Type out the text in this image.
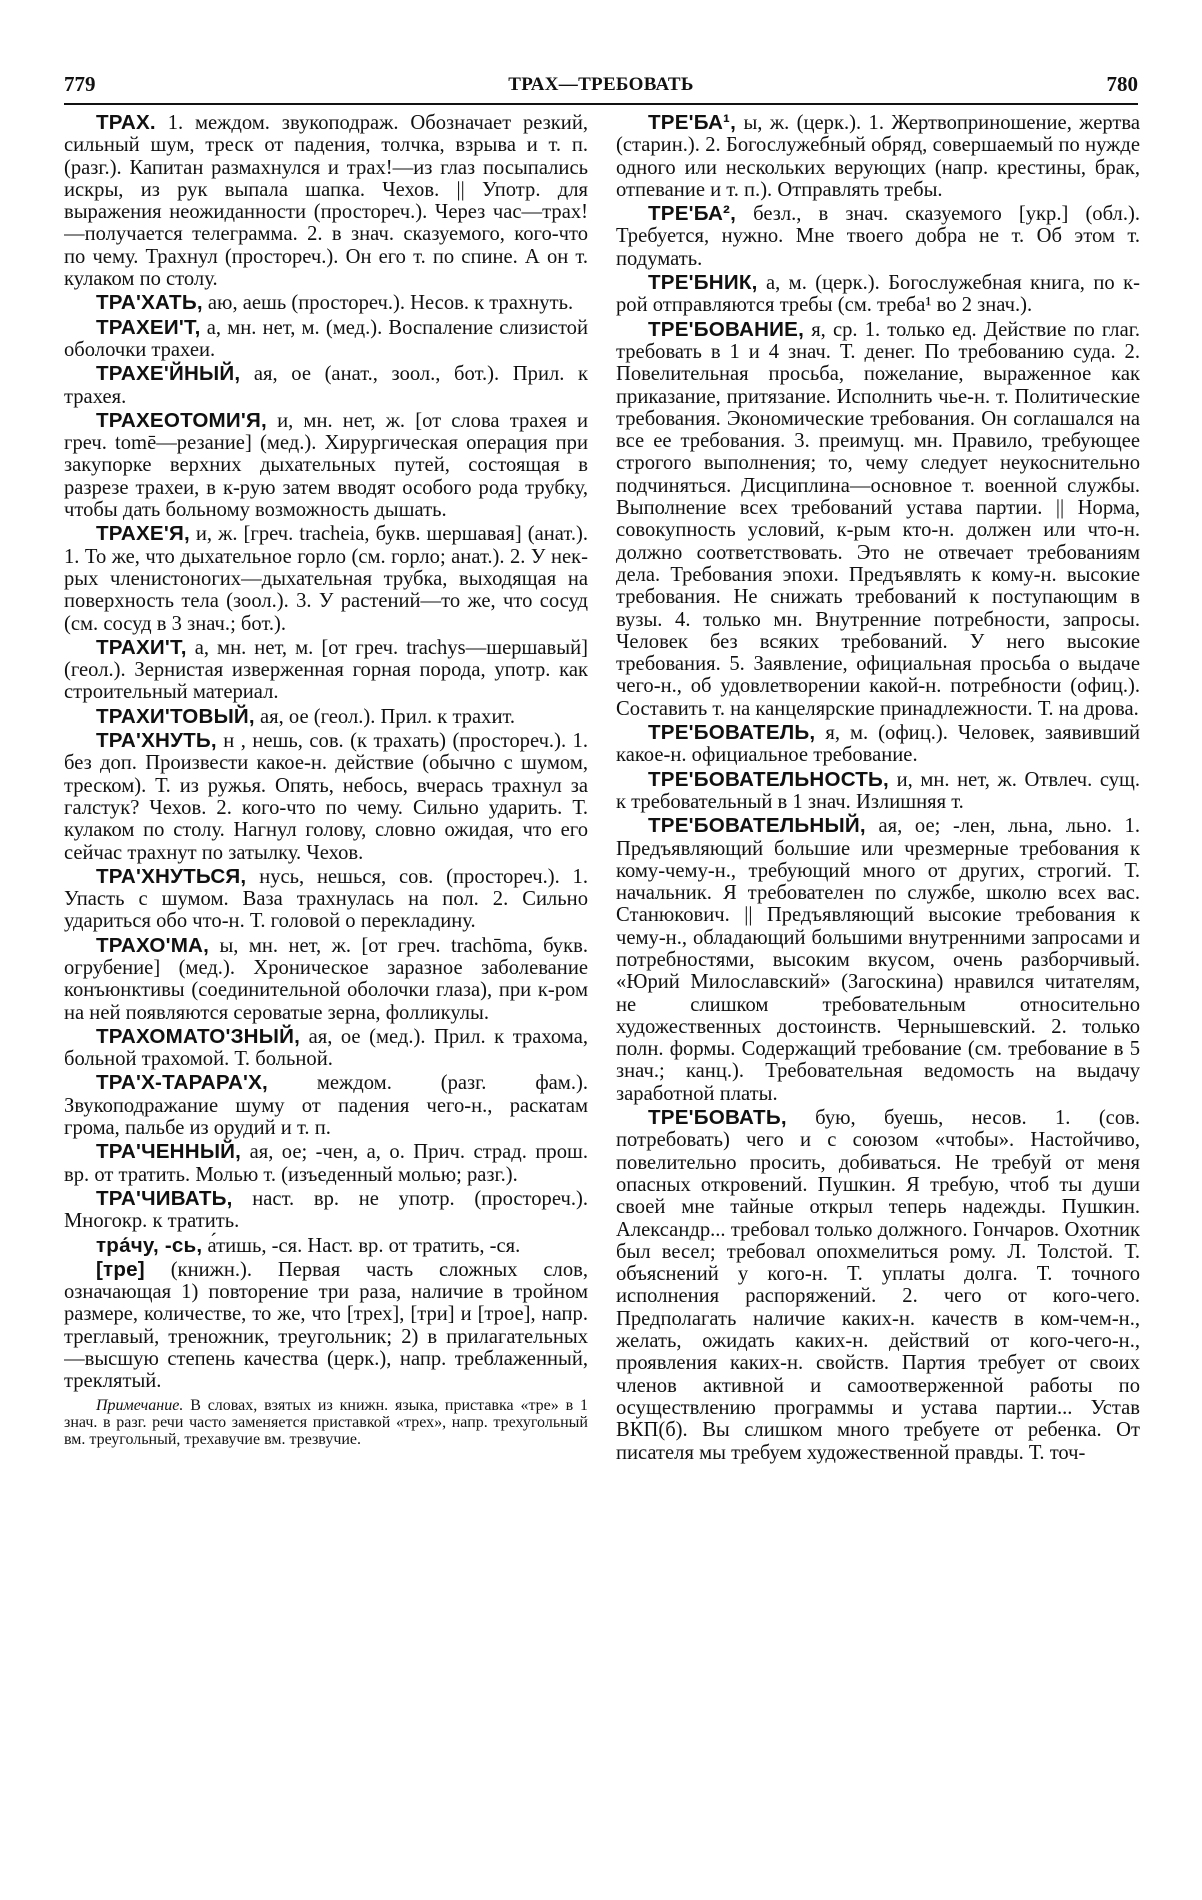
779	ТРАХ—ТРЕБОВАТЬ	780
ТРАХ. 1. междом. звукоподраж. Обозначает резкий, сильный шум, треск от падения, толчка, взрыва и т. п. (разг.). Капитан размахнулся и трах!—из глаз посыпались искры, из рук выпала шапка. Чехов. || Употр. для выражения неожиданности (простореч.). Через час—трах!—получается телеграмма. 2. в знач. сказуемого, кого-что по чему. Трахнул (простореч.). Он его т. по спине. А он т. кулаком по столу.
ТРА'ХАТЬ, аю, аешь (простореч.). Несов. к трахнуть.
ТРАХЕИ'Т, а, мн. нет, м. (мед.). Воспаление слизистой оболочки трахеи.
ТРАХЕ'ЙНЫЙ, ая, ое (анат., зоол., бот.). Прил. к трахея.
ТРАХЕОТОМИ'Я, и, мн. нет, ж. [от слова трахея и греч. tomē—резание] (мед.). Хирургическая операция при закупорке верхних дыхательных путей, состоящая в разрезе трахеи, в к-рую затем вводят особого рода трубку, чтобы дать больному возможность дышать.
ТРАХЕ'Я, и, ж. [греч. tracheia, букв. шершавая] (анат.). 1. То же, что дыхательное горло (см. горло; анат.). 2. У нек-рых членистоногих—дыхательная трубка, выходящая на поверхность тела (зоол.). 3. У растений—то же, что сосуд (см. сосуд в 3 знач.; бот.).
ТРАХИ'Т, а, мн. нет, м. [от греч. trachys—шершавый] (геол.). Зернистая изверженная горная порода, употр. как строительный материал.
ТРАХИ'ТОВЫЙ, ая, ое (геол.). Прил. к трахит.
ТРА'ХНУТЬ, н , нешь, сов. (к трахать) (простореч.). 1. без доп. Произвести какое-н. действие (обычно с шумом, треском). Т. из ружья. Опять, небось, вчерась трахнул за галстук? Чехов. 2. кого-что по чему. Сильно ударить. Т. кулаком по столу. Нагнул голову, словно ожидая, что его сейчас трахнут по затылку. Чехов.
ТРА'ХНУТЬСЯ, нусь, нешься, сов. (простореч.). 1. Упасть с шумом. Ваза трахнулась на пол. 2. Сильно удариться обо что-н. Т. головой о перекладину.
ТРАХО'МА, ы, мн. нет, ж. [от греч. trachōma, букв. огрубение] (мед.). Хроническое заразное заболевание конъюнктивы (соединительной оболочки глаза), при к-ром на ней появляются сероватые зерна, фолликулы.
ТРАХОМАТО'ЗНЫЙ, ая, ое (мед.). Прил. к трахома, больной трахомой. Т. больной.
ТРА'Х-ТАРАРА'Х, междом. (разг. фам.). Звукоподражание шуму от падения чего-н., раскатам грома, пальбе из орудий и т. п.
ТРА'ЧЕННЫЙ, ая, ое; -чен, а, о. Прич. страд. прош. вр. от тратить. Молью т. (изъеденный молью; разг.).
ТРА'ЧИВАТЬ, наст. вр. не употр. (простореч.). Многокр. к тратить.
тра́чу, -сь, а́тишь, -ся. Наст. вр. от тратить, -ся.
[тре] (книжн.). Первая часть сложных слов, означающая 1) повторение три раза, наличие в тройном размере, количестве, то же, что [трех], [три] и [трое], напр. трeглавый, треножник, треугольник; 2) в прилагательных—высшую степень качества (церк.), напр. треблаженный, треклятый.
Примечание. В словах, взятых из книжн. языка, приставка «тре» в 1 знач. в разг. речи часто заменяется приставкой «трех», напр. трехугольный вм. треугольный, трехавучие вм. трезвучие.
ТРЕ'БА¹, ы, ж. (церк.). 1. Жертвоприношение, жертва (старин.). 2. Богослужебный обряд, совершаемый по нужде одного или нескольких верующих (напр. крестины, брак, отпевание и т. п.). Отправлять требы.
ТРЕ'БА², безл., в знач. сказуемого [укр.] (обл.). Требуется, нужно. Мне твоего добра не т. Об этом т. подумать.
ТРЕ'БНИК, а, м. (церк.). Богослужебная книга, по к-рой отправляются требы (см. треба¹ во 2 знач.).
ТРЕ'БОВАНИЕ, я, ср. 1. только ед. Действие по глаг. требовать в 1 и 4 знач. Т. денег. По требованию суда. 2. Повелительная просьба, пожелание, выраженное как приказание, притязание. Исполнить чье-н. т. Политические требования. Экономические требования. Он соглашался на все ее требования. 3. преимущ. мн. Правило, требующее строгого выполнения; то, чему следует неукоснительно подчиняться. Дисциплина—основное т. военной службы. Выполнение всех требований устава партии. || Норма, совокупность условий, к-рым кто-н. должен или что-н. должно соответствовать. Это не отвечает требованиям дела. Требования эпохи. Предъявлять к кому-н. высокие требования. Не снижать требований к поступающим в вузы. 4. только мн. Внутренние потребности, запросы. Человек без всяких требований. У него высокие требования. 5. Заявление, официальная просьба о выдаче чего-н., об удовлетворении какой-н. потребности (офиц.). Составить т. на канцелярские принадлежности. Т. на дрова.
ТРЕ'БОВАТЕЛЬ, я, м. (офиц.). Человек, заявивший какое-н. официальное требование.
ТРЕ'БОВАТЕЛЬНОСТЬ, и, мн. нет, ж. Отвлеч. сущ. к требовательный в 1 знач. Излишняя т.
ТРЕ'БОВАТЕЛЬНЫЙ, ая, ое; -лен, льна, льно. 1. Предъявляющий большие или чрезмерные требования к кому-чему-н., требующий много от других, строгий. Т. начальник. Я требователен по службе, школю всех вас. Станюкович. || Предъявляющий высокие требования к чему-н., обладающий большими внутренними запросами и потребностями, высоким вкусом, очень разборчивый. «Юрий Милославский» (Загоскина) нравился читателям, не слишком требовательным относительно художественных достоинств. Чернышевский. 2. только полн. формы. Содержащий требование (см. требование в 5 знач.; канц.). Требовательная ведомость на выдачу заработной платы.
ТРЕ'БОВАТЬ, бую, буешь, несов. 1. (сов. потребовать) чего и с союзом «чтобы». Настойчиво, повелительно просить, добиваться. Не требуй от меня опасных откровений. Пушкин. Я требую, чтоб ты души своей мне тайные открыл теперь надежды. Пушкин. Александр... требовал только должного. Гончаров. Охотник был весел; требовал опохмелиться рому. Л. Толстой. Т. объяснений у кого-н. Т. уплаты долга. Т. точного исполнения распоряжений. 2. чего от кого-чего. Предполагать наличие каких-н. качеств в ком-чем-н., желать, ожидать каких-н. действий от кого-чего-н., проявления каких-н. свойств. Партия требует от своих членов активной и самоотверженной работы по осуществлению программы и устава партии... Устав ВКП(б). Вы слишком много требуете от ребенка. От писателя мы требуем художественной правды. Т. точ-
